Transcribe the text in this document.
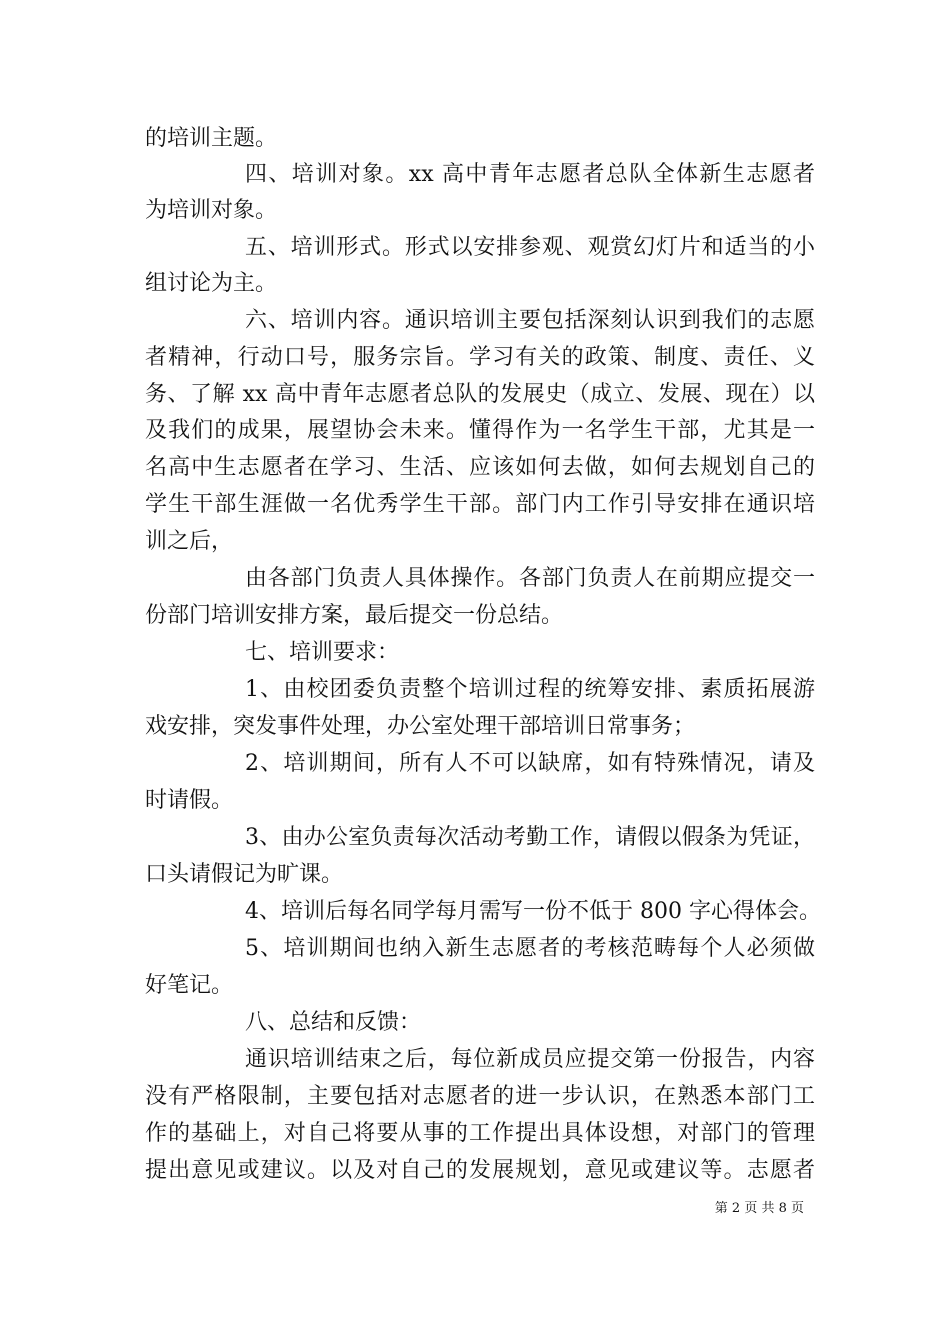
的培训主题。
四、培训对象。xx 高中青年志愿者总队全体新生志愿者
为培训对象。
五、培训形式。形式以安排参观、观赏幻灯片和适当的小
组讨论为主。
六、培训内容。通识培训主要包括深刻认识到我们的志愿
者精神，行动口号，服务宗旨。学习有关的政策、制度、责任、义
务、了解 xx 高中青年志愿者总队的发展史（成立、发展、现在）以
及我们的成果，展望协会未来。懂得作为一名学生干部，尤其是一
名高中生志愿者在学习、生活、应该如何去做，如何去规划自己的
学生干部生涯做一名优秀学生干部。部门内工作引导安排在通识培
训之后，
由各部门负责人具体操作。各部门负责人在前期应提交一
份部门培训安排方案，最后提交一份总结。
七、培训要求：
1、由校团委负责整个培训过程的统筹安排、素质拓展游
戏安排，突发事件处理，办公室处理干部培训日常事务；
2、培训期间，所有人不可以缺席，如有特殊情况，请及
时请假。
3、由办公室负责每次活动考勤工作，请假以假条为凭证，
口头请假记为旷课。
4、培训后每名同学每月需写一份不低于 800 字心得体会。
5、培训期间也纳入新生志愿者的考核范畴每个人必须做
好笔记。
八、总结和反馈：
通识培训结束之后，每位新成员应提交第一份报告，内容
没有严格限制，主要包括对志愿者的进一步认识，在熟悉本部门工
作的基础上，对自己将要从事的工作提出具体设想，对部门的管理
提出意见或建议。以及对自己的发展规划，意见或建议等。志愿者
第 2 页 共 8 页
